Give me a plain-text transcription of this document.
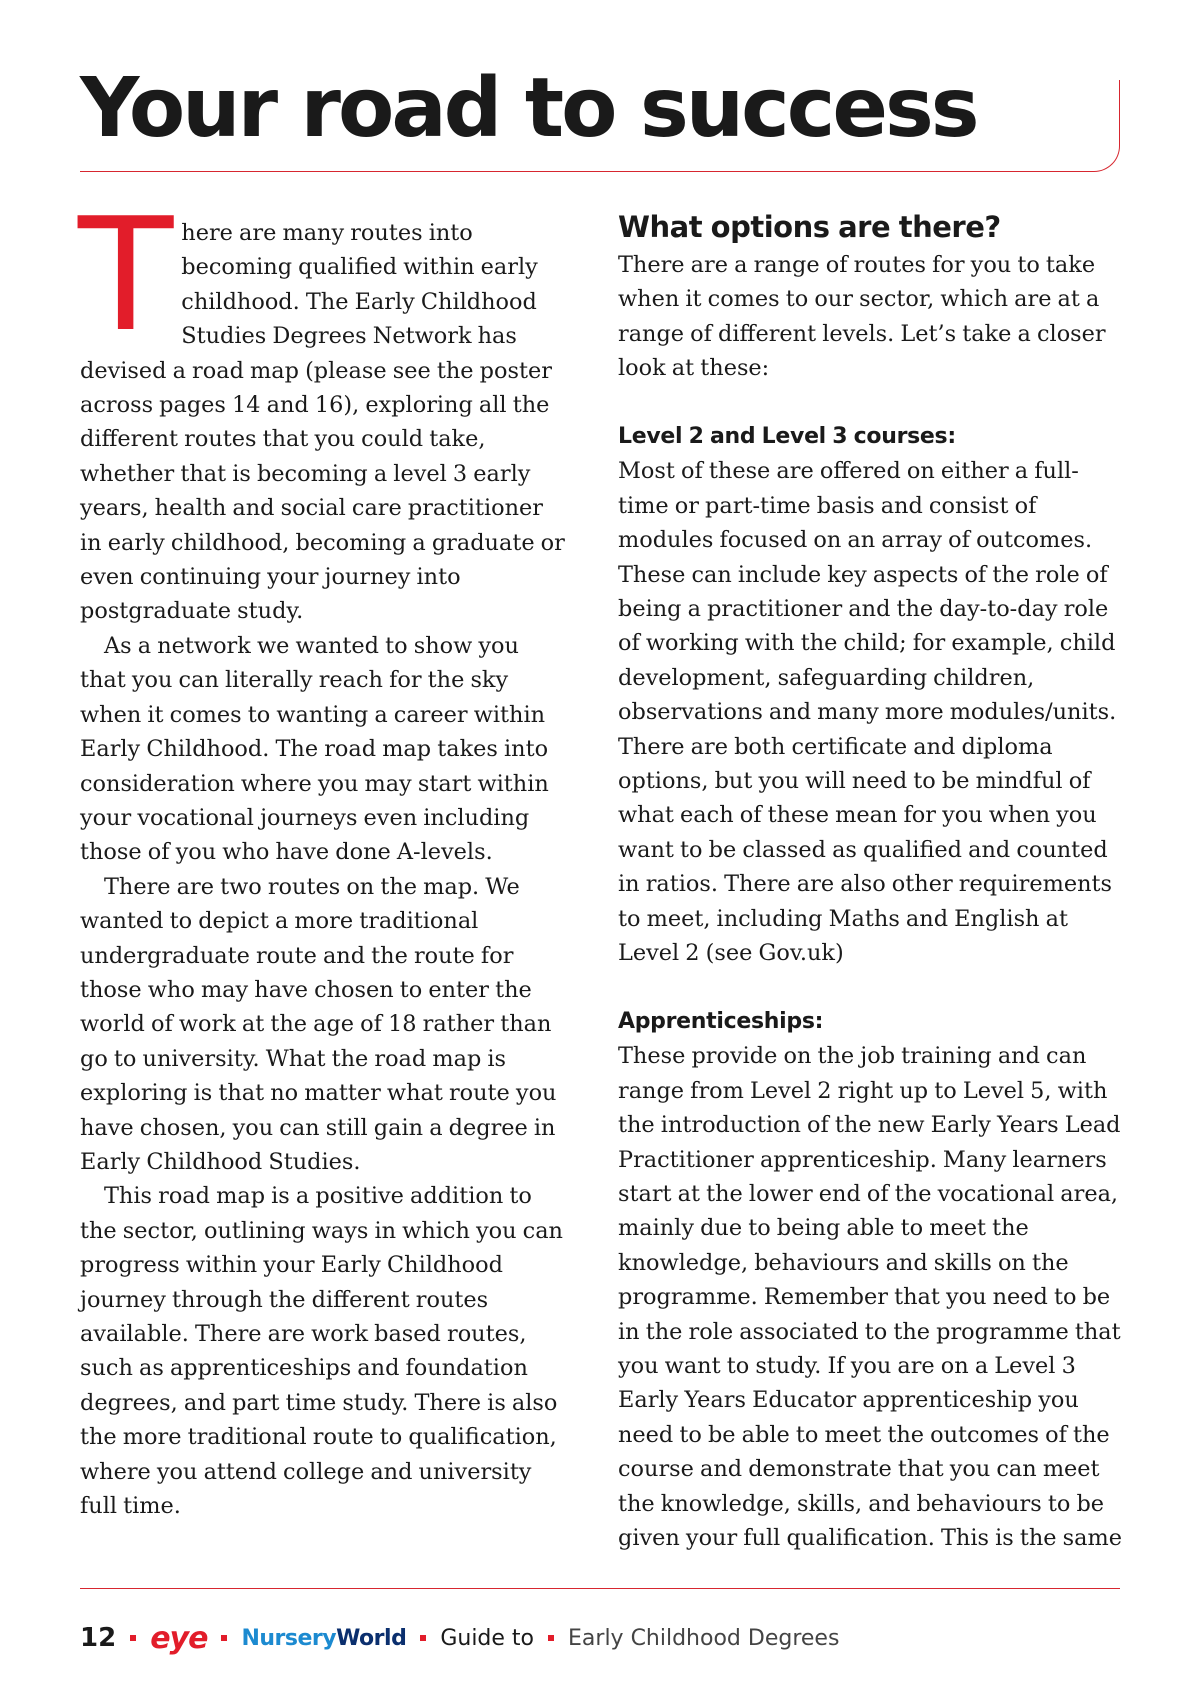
Your road to success

There are many routes into becoming qualified within early childhood. The Early Childhood Studies Degrees Network has devised a road map (please see the poster across pages 14 and 16), exploring all the different routes that you could take, whether that is becoming a level 3 early years, health and social care practitioner in early childhood, becoming a graduate or even continuing your journey into postgraduate study.

As a network we wanted to show you that you can literally reach for the sky when it comes to wanting a career within Early Childhood. The road map takes into consideration where you may start within your vocational journeys even including those of you who have done A-levels.

There are two routes on the map. We wanted to depict a more traditional undergraduate route and the route for those who may have chosen to enter the world of work at the age of 18 rather than go to university. What the road map is exploring is that no matter what route you have chosen, you can still gain a degree in Early Childhood Studies.

This road map is a positive addition to the sector, outlining ways in which you can progress within your Early Childhood journey through the different routes available. There are work based routes, such as apprenticeships and foundation degrees, and part time study. There is also the more traditional route to qualification, where you attend college and university full time.

What options are there?

There are a range of routes for you to take when it comes to our sector, which are at a range of different levels. Let’s take a closer look at these:

Level 2 and Level 3 courses:

Most of these are offered on either a full-time or part-time basis and consist of modules focused on an array of outcomes. These can include key aspects of the role of being a practitioner and the day-to-day role of working with the child; for example, child development, safeguarding children, observations and many more modules/units. There are both certificate and diploma options, but you will need to be mindful of what each of these mean for you when you want to be classed as qualified and counted in ratios. There are also other requirements to meet, including Maths and English at Level 2 (see Gov.uk)

Apprenticeships:

These provide on the job training and can range from Level 2 right up to Level 5, with the introduction of the new Early Years Lead Practitioner apprenticeship. Many learners start at the lower end of the vocational area, mainly due to being able to meet the knowledge, behaviours and skills on the programme. Remember that you need to be in the role associated to the programme that you want to study. If you are on a Level 3 Early Years Educator apprenticeship you need to be able to meet the outcomes of the course and demonstrate that you can meet the knowledge, skills, and behaviours to be given your full qualification. This is the same

12 eye NurseryWorld Guide to Early Childhood Degrees
